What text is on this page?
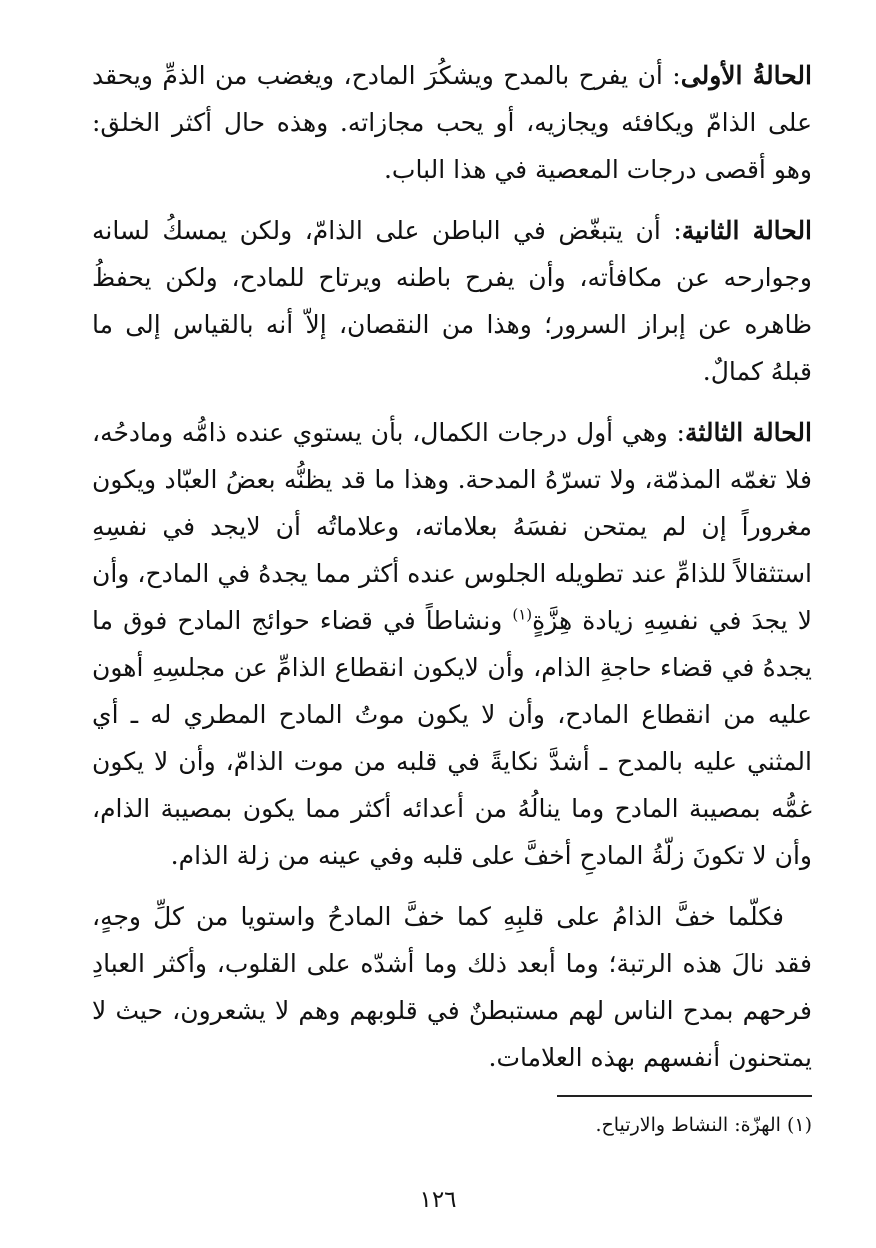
الحالةُ الأولى: أن يفرح بالمدح ويشكُرَ المادح، ويغضب من الذمِّ ويحقد على الذامّ ويكافئه ويجازيه، أو يحب مجازاته. وهذه حال أكثر الخلق: وهو أقصى درجات المعصية في هذا الباب.

الحالة الثانية: أن يتبغّض في الباطن على الذامّ، ولكن يمسكُ لسانه وجوارحه عن مكافأته، وأن يفرح باطنه ويرتاح للمادح، ولكن يحفظُ ظاهره عن إبراز السرور؛ وهذا من النقصان، إلاّ أنه بالقياس إلى ما قبلهُ كمالٌ.

الحالة الثالثة: وهي أول درجات الكمال، بأن يستوي عنده ذامُّه ومادحُه، فلا تغمّه المذمّة، ولا تسرّهُ المدحة. وهذا ما قد يظنُّه بعضُ العبّاد ويكون مغروراً إن لم يمتحن نفسَهُ بعلاماته، وعلاماتُه أن لايجد في نفسِهِ استثقالاً للذامِّ عند تطويله الجلوس عنده أكثر مما يجدهُ في المادح، وأن لا يجدَ في نفسِهِ زيادة هِزَّةٍ$^{(١)}$ ونشاطاً في قضاء حوائج المادح فوق ما يجدهُ في قضاء حاجةِ الذام، وأن لايكون انقطاع الذامِّ عن مجلسِهِ أهون عليه من انقطاع المادح، وأن لا يكون موتُ المادح المطري له ـ أي المثني عليه بالمدح ـ أشدَّ نكايةً في قلبه من موت الذامّ، وأن لا يكون غمُّه بمصيبة المادح وما ينالُهُ من أعدائه أكثر مما يكون بمصيبة الذام، وأن لا تكونَ زلّةُ المادحِ أخفَّ على قلبه وفي عينه من زلة الذام.

فكلّما خفَّ الذامُ على قلبِهِ كما خفَّ المادحُ واستويا من كلِّ وجهٍ، فقد نالَ هذه الرتبة؛ وما أبعد ذلك وما أشدّه على القلوب، وأكثر العبادِ فرحهم بمدح الناس لهم مستبطنٌ في قلوبهم وهم لا يشعرون، حيث لا يمتحنون أنفسهم بهذه العلامات.

(١) الهزّة: النشاط والارتياح.
١٢٦
